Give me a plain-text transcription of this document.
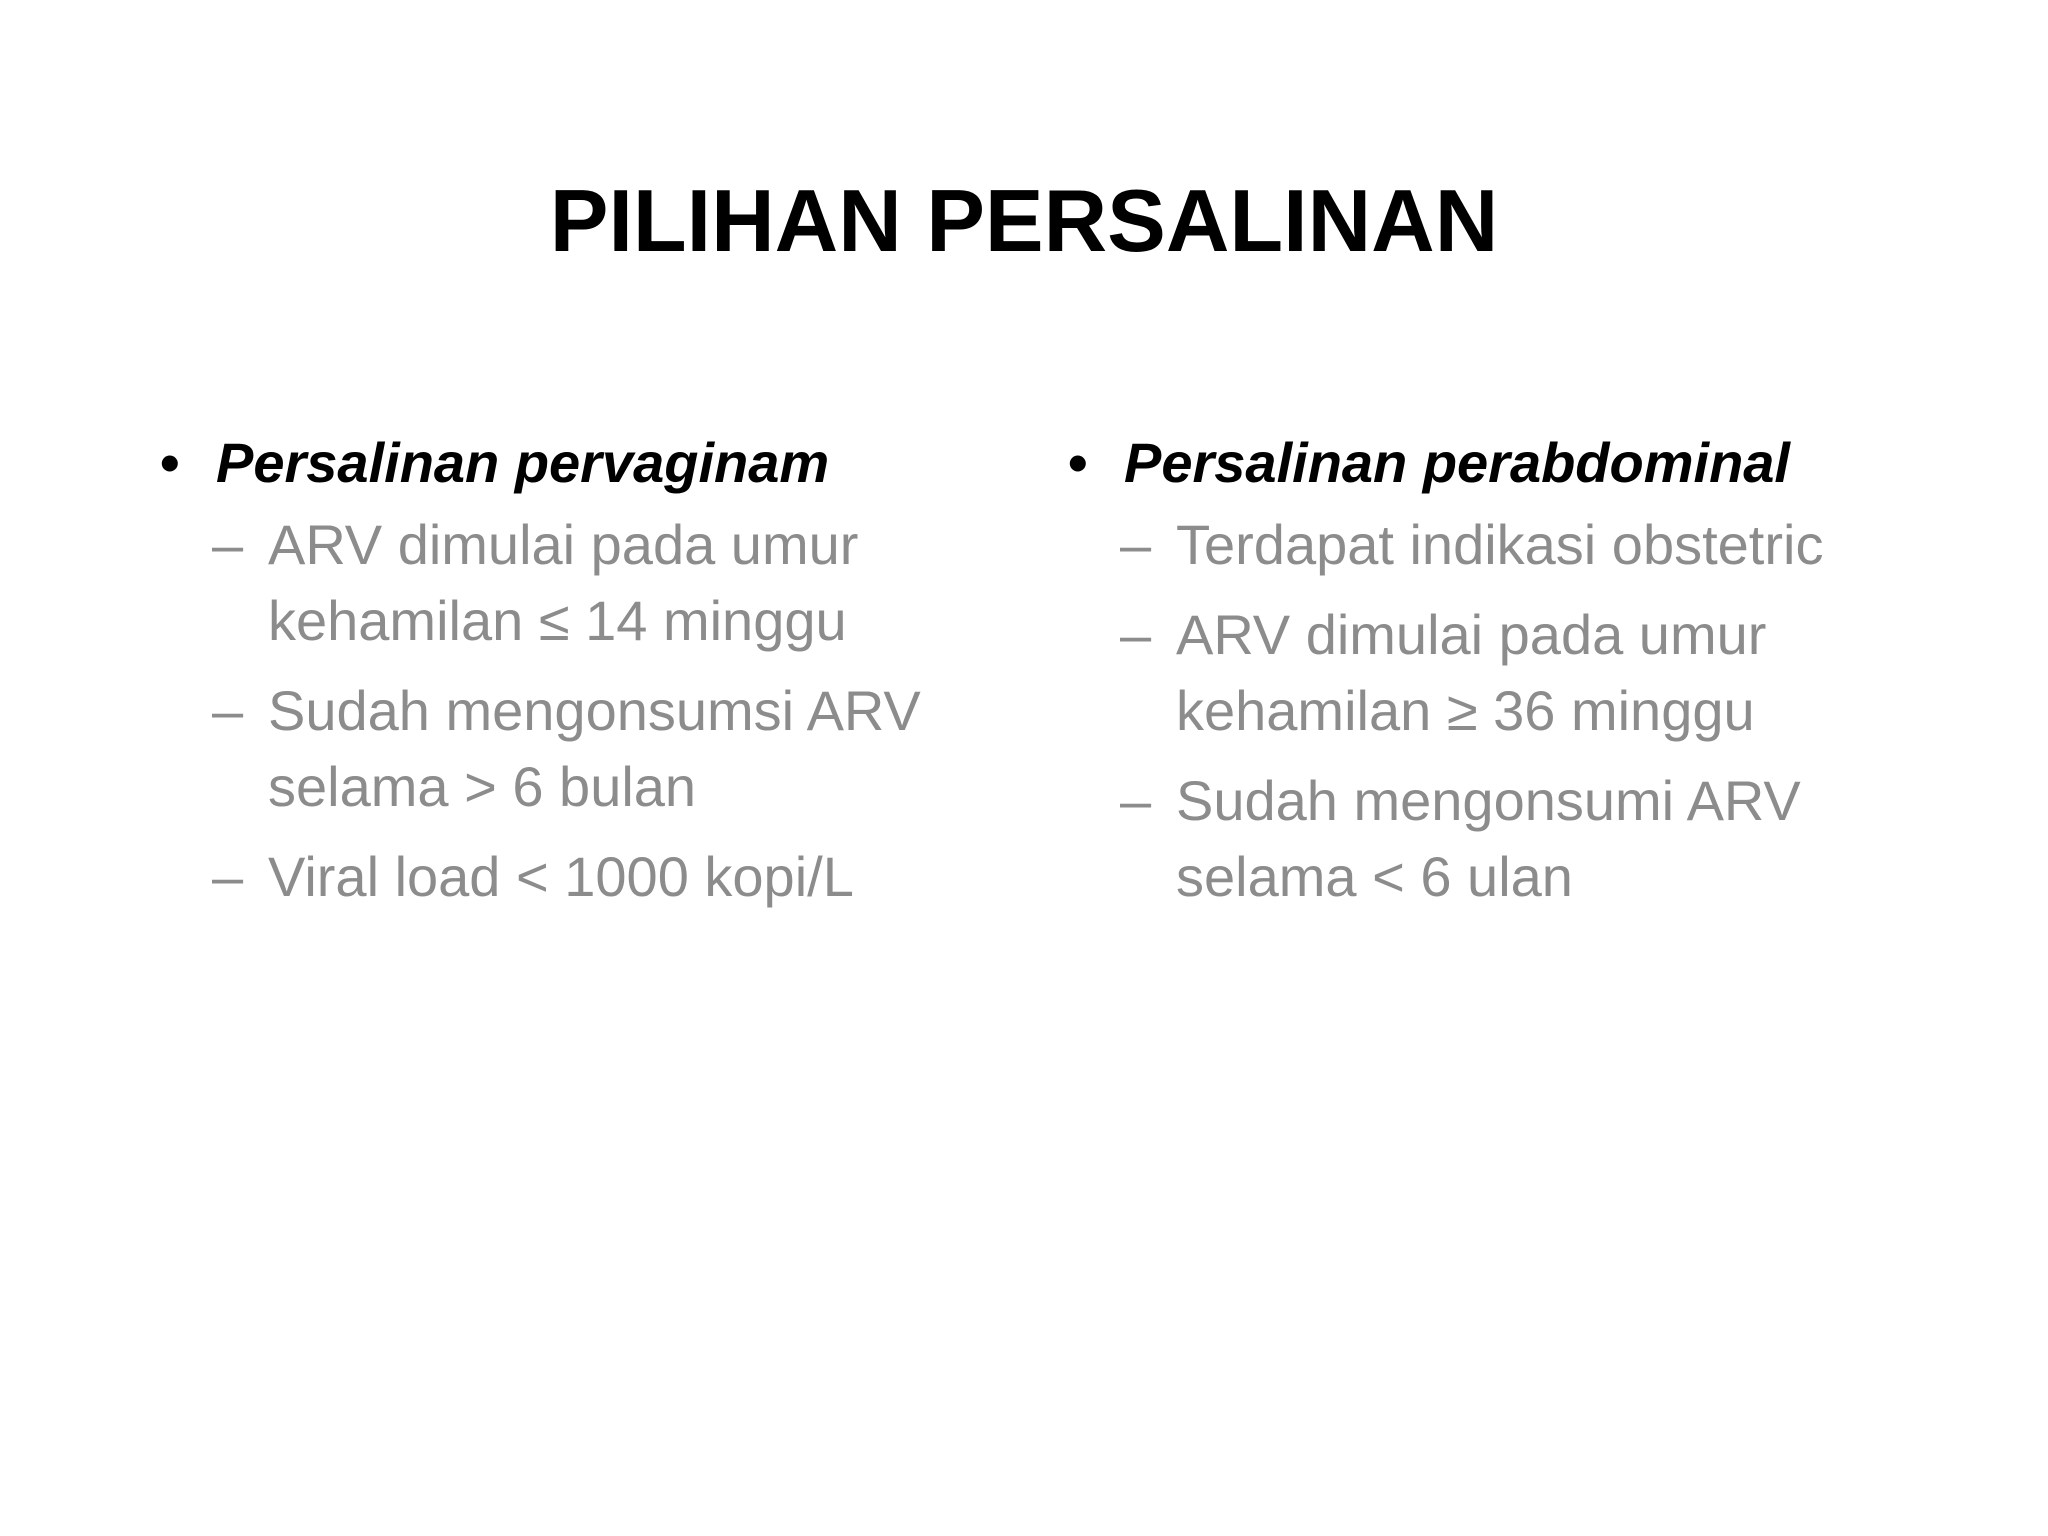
PILIHAN PERSALINAN
• Persalinan pervaginam
– ARV dimulai pada umur kehamilan ≤ 14 minggu
– Sudah mengonsumsi ARV selama > 6 bulan
– Viral load < 1000 kopi/L
• Persalinan perabdominal
– Terdapat indikasi obstetric
– ARV dimulai pada umur kehamilan ≥ 36 minggu
– Sudah mengonsumi ARV selama < 6 ulan
